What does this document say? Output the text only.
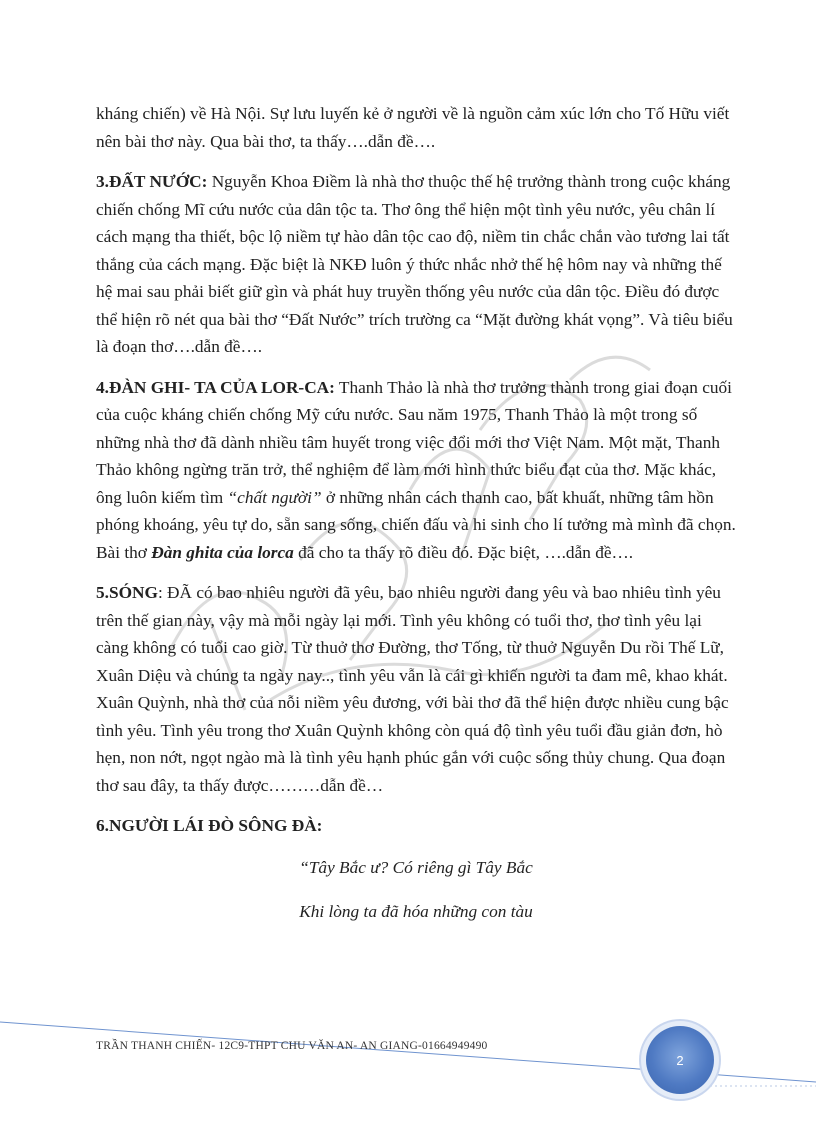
kháng chiến) về Hà Nội. Sự lưu luyến kẻ ở người về là nguồn cảm xúc lớn cho Tố Hữu viết nên bài thơ này. Qua bài thơ, ta thấy….dẫn đề….

3.ĐẤT NƯỚC: Nguyễn Khoa Điềm là nhà thơ thuộc thế hệ trưởng thành trong cuộc kháng chiến chống Mĩ cứu nước của dân tộc ta. Thơ ông thể hiện một tình yêu nước, yêu chân lí cách mạng tha thiết, bộc lộ niềm tự hào dân tộc cao độ, niềm tin chắc chắn vào tương lai tất thắng của cách mạng. Đặc biệt là NKĐ luôn ý thức nhắc nhở thế hệ hôm nay và những thế hệ mai sau phải biết giữ gìn và phát huy truyền thống yêu nước của dân tộc. Điều đó được thể hiện rõ nét qua bài thơ “Đất Nước” trích trường ca “Mặt đường khát vọng”. Và tiêu biểu là đoạn thơ….dẫn đề….

4.ĐÀN GHI- TA CỦA LOR-CA: Thanh Thảo là nhà thơ trưởng thành trong giai đoạn cuối của cuộc kháng chiến chống Mỹ cứu nước. Sau năm 1975, Thanh Thảo là một trong số những nhà thơ đã dành nhiều tâm huyết trong việc đổi mới thơ Việt Nam. Một mặt, Thanh Thảo không ngừng trăn trở, thể nghiệm để làm mới hình thức biểu đạt của thơ. Mặc khác, ông luôn kiếm tìm “chất người” ở những nhân cách thanh cao, bất khuất, những tâm hồn phóng khoáng, yêu tự do, sẵn sang sống, chiến đấu và hi sinh cho lí tưởng mà mình đã chọn. Bài thơ Đàn ghita của lorca đã cho ta thấy rõ điều đó. Đặc biệt, ….dẫn đề….

5.SÓNG: ĐÃ có bao nhiêu người đã yêu, bao nhiêu người đang yêu và bao nhiêu tình yêu trên thế gian này, vậy mà mỗi ngày lại mới. Tình yêu không có tuổi thơ, thơ tình yêu lại càng không có tuổi cao giờ. Từ thuở thơ Đường, thơ Tống, từ thuở Nguyễn Du rồi Thế Lữ, Xuân Diệu và chúng ta ngày nay.., tình yêu vẫn là cái gì khiến người ta đam mê, khao khát. Xuân Quỳnh, nhà thơ của nỗi niềm yêu đương, với bài thơ đã thể hiện được nhiều cung bậc tình yêu. Tình yêu trong thơ Xuân Quỳnh không còn quá độ tình yêu tuổi đầu giản đơn, hò hẹn, non nớt, ngọt ngào mà là tình yêu hạnh phúc gắn với cuộc sống thủy chung. Qua đoạn thơ sau đây, ta thấy được………dẫn đề…

6.NGƯỜI LÁI ĐÒ SÔNG ĐÀ:

“Tây Bắc ư? Có riêng gì Tây Bắc

Khi lòng ta đã hóa những con tàu

TRẦN THANH CHIẾN- 12C9-THPT CHU VĂN AN- AN GIANG-01664949490
2
